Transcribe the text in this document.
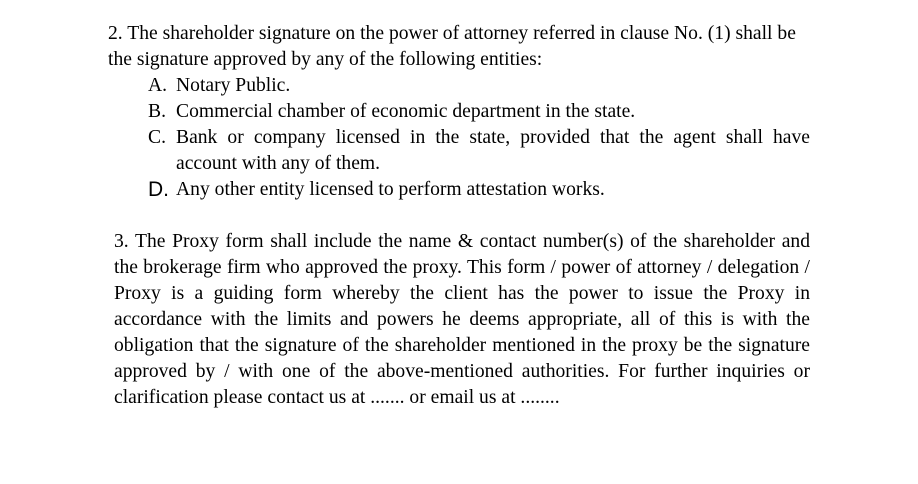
2. The shareholder signature on the power of attorney referred in clause No. (1) shall be the signature approved by any of the following entities:

A. Notary Public.
B. Commercial chamber of economic department in the state.
C. Bank or company licensed in the state, provided that the agent shall have account with any of them.
D. Any other entity licensed to perform attestation works.

3. The Proxy form shall include the name & contact number(s) of the shareholder and the brokerage firm who approved the proxy. This form / power of attorney / delegation / Proxy is a guiding form whereby the client has the power to issue the Proxy in accordance with the limits and powers he deems appropriate, all of this is with the obligation that the signature of the shareholder mentioned in the proxy be the signature approved by / with one of the above-mentioned authorities. For further inquiries or clarification please contact us at ....... or email us at ........
